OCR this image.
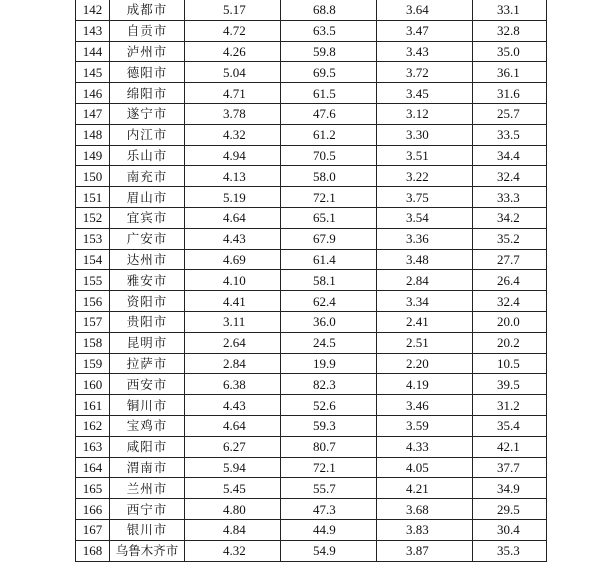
142	成都市	5.17	68.8	3.64	33.1
143	自贡市	4.72	63.5	3.47	32.8
144	泸州市	4.26	59.8	3.43	35.0
145	德阳市	5.04	69.5	3.72	36.1
146	绵阳市	4.71	61.5	3.45	31.6
147	遂宁市	3.78	47.6	3.12	25.7
148	内江市	4.32	61.2	3.30	33.5
149	乐山市	4.94	70.5	3.51	34.4
150	南充市	4.13	58.0	3.22	32.4
151	眉山市	5.19	72.1	3.75	33.3
152	宜宾市	4.64	65.1	3.54	34.2
153	广安市	4.43	67.9	3.36	35.2
154	达州市	4.69	61.4	3.48	27.7
155	雅安市	4.10	58.1	2.84	26.4
156	资阳市	4.41	62.4	3.34	32.4
157	贵阳市	3.11	36.0	2.41	20.0
158	昆明市	2.64	24.5	2.51	20.2
159	拉萨市	2.84	19.9	2.20	10.5
160	西安市	6.38	82.3	4.19	39.5
161	铜川市	4.43	52.6	3.46	31.2
162	宝鸡市	4.64	59.3	3.59	35.4
163	咸阳市	6.27	80.7	4.33	42.1
164	渭南市	5.94	72.1	4.05	37.7
165	兰州市	5.45	55.7	4.21	34.9
166	西宁市	4.80	47.3	3.68	29.5
167	银川市	4.84	44.9	3.83	30.4
168	乌鲁木齐市	4.32	54.9	3.87	35.3
